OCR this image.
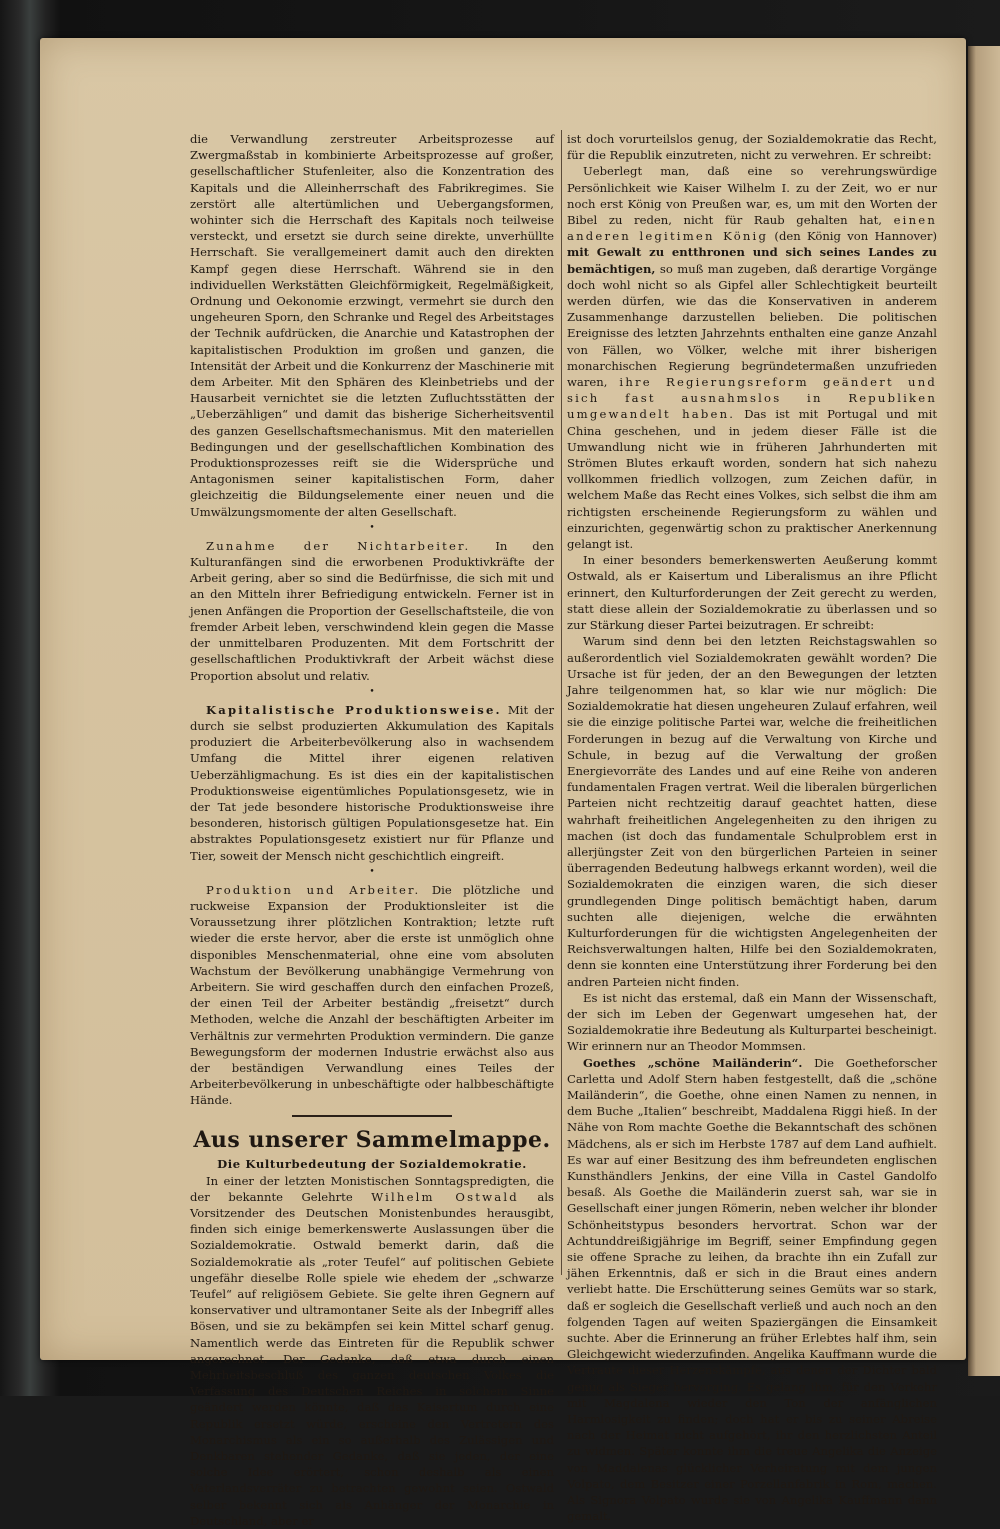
die Verwandlung zerstreuter Arbeitsprozesse auf Zwergmaßstab in kombinierte Arbeitsprozesse auf großer, gesellschaftlicher Stufenleiter, also die Konzentration des Kapitals und die Alleinherrschaft des Fabrikregimes. Sie zerstört alle altertümlichen und Uebergangsformen, wohinter sich die Herrschaft des Kapitals noch teilweise versteckt, und ersetzt sie durch seine direkte, unverhüllte Herrschaft. Sie verallgemeinert damit auch den direkten Kampf gegen diese Herrschaft. Während sie in den individuellen Werkstätten Gleichförmigkeit, Regelmäßigkeit, Ordnung und Oekonomie erzwingt, vermehrt sie durch den ungeheuren Sporn, den Schranke und Regel des Arbeitstages der Technik aufdrücken, die Anarchie und Katastrophen der kapitalistischen Produktion im großen und ganzen, die Intensität der Arbeit und die Konkurrenz der Maschinerie mit dem Arbeiter. Mit den Sphären des Kleinbetriebs und der Hausarbeit vernichtet sie die letzten Zufluchtsstätten der „Ueberzähligen“ und damit das bisherige Sicherheitsventil des ganzen Gesellschaftsmechanismus. Mit den materiellen Bedingungen und der gesellschaftlichen Kombination des Produktionsprozesses reift sie die Widersprüche und Antagonismen seiner kapitalistischen Form, daher gleichzeitig die Bildungselemente einer neuen und die Umwälzungsmomente der alten Gesellschaft.

•

Zunahme der Nichtarbeiter. In den Kulturanfängen sind die erworbenen Produktivkräfte der Arbeit gering, aber so sind die Bedürfnisse, die sich mit und an den Mitteln ihrer Befriedigung entwickeln. Ferner ist in jenen Anfängen die Proportion der Gesellschaftsteile, die von fremder Arbeit leben, verschwindend klein gegen die Masse der unmittelbaren Produzenten. Mit dem Fortschritt der gesellschaftlichen Produktivkraft der Arbeit wächst diese Proportion absolut und relativ.

•

Kapitalistische Produktionsweise. Mit der durch sie selbst produzierten Akkumulation des Kapitals produziert die Arbeiterbevölkerung also in wachsendem Umfang die Mittel ihrer eigenen relativen Ueberzähligmachung. Es ist dies ein der kapitalistischen Produktionsweise eigentümliches Populationsgesetz, wie in der Tat jede besondere historische Produktionsweise ihre besonderen, historisch gültigen Populationsgesetze hat. Ein abstraktes Populationsgesetz existiert nur für Pflanze und Tier, soweit der Mensch nicht geschichtlich eingreift.

•

Produktion und Arbeiter. Die plötzliche und ruckweise Expansion der Produktionsleiter ist die Voraussetzung ihrer plötzlichen Kontraktion; letzte ruft wieder die erste hervor, aber die erste ist unmöglich ohne disponibles Menschenmaterial, ohne eine vom absoluten Wachstum der Bevölkerung unabhängige Vermehrung von Arbeitern. Sie wird geschaffen durch den einfachen Prozeß, der einen Teil der Arbeiter beständig „freisetzt“ durch Methoden, welche die Anzahl der beschäftigten Arbeiter im Verhältnis zur vermehrten Produktion vermindern. Die ganze Bewegungsform der modernen Industrie erwächst also aus der beständigen Verwandlung eines Teiles der Arbeiterbevölkerung in unbeschäftigte oder halbbeschäftigte Hände.

Aus unserer Sammelmappe.
Die Kulturbedeutung der Sozialdemokratie.

In einer der letzten Monistischen Sonntagspredigten, die der bekannte Gelehrte Wilhelm Ostwald als Vorsitzender des Deutschen Monistenbundes herausgibt, finden sich einige bemerkenswerte Auslassungen über die Sozialdemokratie. Ostwald bemerkt darin, daß die Sozialdemokratie als „roter Teufel“ auf politischen Gebiete ungefähr dieselbe Rolle spiele wie ehedem der „schwarze Teufel“ auf religiösem Gebiete. Sie gelte ihren Gegnern auf konservativer und ultramontaner Seite als der Inbegriff alles Bösen, und sie zu bekämpfen sei kein Mittel scharf genug. Namentlich werde das Eintreten für die Republik schwer angerechnet. Der Gedanke, daß etwa durch einen Mehrheitsbeschluß des ganzen deutschen Volkes die Verfassung des Deutschen Reiches in solchem Sinne geändert werden könnte, daß das Kaisertum durch eine Republik ersetzt würde, erscheine den Vertretern des Monarchismus als ein so außerhalb des Zulässigen und Denkbaren stehender Gedanke, daß sie jeden, der eine solche Idee erörtert, schon deshalb als einen Vaterlandsverräter zu betrachten gewohnt seien. Ostwald selber bekennt sich als Anhänger der Monarchie in Deutschland, aber er

ist doch vorurteilslos genug, der Sozialdemokratie das Recht, für die Republik einzutreten, nicht zu verwehren. Er schreibt:

Ueberlegt man, daß eine so verehrungswürdige Persönlichkeit wie Kaiser Wilhelm I. zu der Zeit, wo er nur noch erst König von Preußen war, es, um mit den Worten der Bibel zu reden, nicht für Raub gehalten hat, einen anderen legitimen König (den König von Hannover) mit Gewalt zu entthronen und sich seines Landes zu bemächtigen, so muß man zugeben, daß derartige Vorgänge doch wohl nicht so als Gipfel aller Schlechtigkeit beurteilt werden dürfen, wie das die Konservativen in anderem Zusammenhange darzustellen belieben. Die politischen Ereignisse des letzten Jahrzehnts enthalten eine ganze Anzahl von Fällen, wo Völker, welche mit ihrer bisherigen monarchischen Regierung begründetermaßen unzufrieden waren, ihre Regierungsreform geändert und sich fast ausnahmslos in Republiken umgewandelt haben. Das ist mit Portugal und mit China geschehen, und in jedem dieser Fälle ist die Umwandlung nicht wie in früheren Jahrhunderten mit Strömen Blutes erkauft worden, sondern hat sich nahezu vollkommen friedlich vollzogen, zum Zeichen dafür, in welchem Maße das Recht eines Volkes, sich selbst die ihm am richtigsten erscheinende Regierungsform zu wählen und einzurichten, gegenwärtig schon zu praktischer Anerkennung gelangt ist.

In einer besonders bemerkenswerten Aeußerung kommt Ostwald, als er Kaisertum und Liberalismus an ihre Pflicht erinnert, den Kulturforderungen der Zeit gerecht zu werden, statt diese allein der Sozialdemokratie zu überlassen und so zur Stärkung dieser Partei beizutragen. Er schreibt:

Warum sind denn bei den letzten Reichstagswahlen so außerordentlich viel Sozialdemokraten gewählt worden? Die Ursache ist für jeden, der an den Bewegungen der letzten Jahre teilgenommen hat, so klar wie nur möglich: Die Sozialdemokratie hat diesen ungeheuren Zulauf erfahren, weil sie die einzige politische Partei war, welche die freiheitlichen Forderungen in bezug auf die Verwaltung von Kirche und Schule, in bezug auf die Verwaltung der großen Energievorräte des Landes und auf eine Reihe von anderen fundamentalen Fragen vertrat. Weil die liberalen bürgerlichen Parteien nicht rechtzeitig darauf geachtet hatten, diese wahrhaft freiheitlichen Angelegenheiten zu den ihrigen zu machen (ist doch das fundamentale Schulproblem erst in allerjüngster Zeit von den bürgerlichen Parteien in seiner überragenden Bedeutung halbwegs erkannt worden), weil die Sozialdemokraten die einzigen waren, die sich dieser grundlegenden Dinge politisch bemächtigt haben, darum suchten alle diejenigen, welche die erwähnten Kulturforderungen für die wichtigsten Angelegenheiten der Reichsverwaltungen halten, Hilfe bei den Sozialdemokraten, denn sie konnten eine Unterstützung ihrer Forderung bei den andren Parteien nicht finden.

Es ist nicht das erstemal, daß ein Mann der Wissenschaft, der sich im Leben der Gegenwart umgesehen hat, der Sozialdemokratie ihre Bedeutung als Kulturpartei bescheinigt. Wir erinnern nur an Theodor Mommsen.

Goethes „schöne Mailänderin“. Die Goetheforscher Carletta und Adolf Stern haben festgestellt, daß die „schöne Mailänderin“, die Goethe, ohne einen Namen zu nennen, in dem Buche „Italien“ beschreibt, Maddalena Riggi hieß. In der Nähe von Rom machte Goethe die Bekanntschaft des schönen Mädchens, als er sich im Herbste 1787 auf dem Land aufhielt. Es war auf einer Besitzung des ihm befreundeten englischen Kunsthändlers Jenkins, der eine Villa in Castel Gandolfo besaß. Als Goethe die Mailänderin zuerst sah, war sie in Gesellschaft einer jungen Römerin, neben welcher ihr blonder Schönheitstypus besonders hervortrat. Schon war der Achtunddreißigjährige im Begriff, seiner Empfindung gegen sie offene Sprache zu leihen, da brachte ihn ein Zufall zur jähen Erkenntnis, daß er sich in die Braut eines andern verliebt hatte. Die Erschütterung seines Gemüts war so stark, daß er sogleich die Gesellschaft verließ und auch noch an den folgenden Tagen auf weiten Spaziergängen die Einsamkeit suchte. Aber die Erinnerung an früher Erlebtes half ihm, sein Gleichgewicht wiederzufinden. Angelika Kauffmann wurde die Vertraute dieser Herzenskämpfe, aus denen der Dichter bald genug als Sieger hervorging. Es gelang ihm, für den Verkehr mit Magdalena wieder den Ton der anfänglichen Harmlosigkeit zu finden; doch hat er bis zu seiner Abreise nach der Heimat nicht aufgehört, ihr den herzlichsten Anteil zu widmen. Später konnte ihm die treue Angelika die Anzeige von Maddalenas glücklicher Verheiratung mit dem jungen Volpato, dem Besitzer einer Porzellanfabrik in Rom, machen. Als Signora Volpato wurde sie von Angelika Kauffmann dann gemalt.
